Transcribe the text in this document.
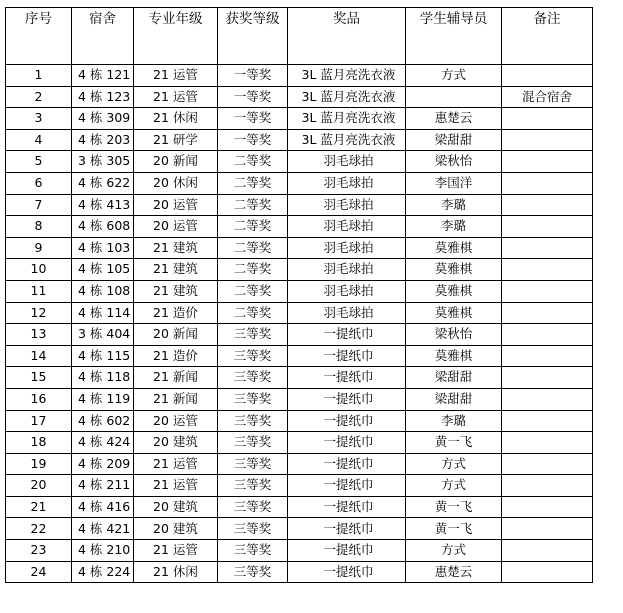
序号	宿舍	专业年级	获奖等级	奖品	学生辅导员	备注
1	4 栋 121	21 运管	一等奖	3L 蓝月亮洗衣液	方式	
2	4 栋 123	21 运管	一等奖	3L 蓝月亮洗衣液		混合宿舍
3	4 栋 309	21 休闲	一等奖	3L 蓝月亮洗衣液	惠楚云	
4	4 栋 203	21 研学	一等奖	3L 蓝月亮洗衣液	梁甜甜	
5	3 栋 305	20 新闻	二等奖	羽毛球拍	梁秋怡	
6	4 栋 622	20 休闲	二等奖	羽毛球拍	李国洋	
7	4 栋 413	20 运管	二等奖	羽毛球拍	李璐	
8	4 栋 608	20 运管	二等奖	羽毛球拍	李璐	
9	4 栋 103	21 建筑	二等奖	羽毛球拍	莫雅棋	
10	4 栋 105	21 建筑	二等奖	羽毛球拍	莫雅棋	
11	4 栋 108	21 建筑	二等奖	羽毛球拍	莫雅棋	
12	4 栋 114	21 造价	二等奖	羽毛球拍	莫雅棋	
13	3 栋 404	20 新闻	三等奖	一提纸巾	梁秋怡	
14	4 栋 115	21 造价	三等奖	一提纸巾	莫雅棋	
15	4 栋 118	21 新闻	三等奖	一提纸巾	梁甜甜	
16	4 栋 119	21 新闻	三等奖	一提纸巾	梁甜甜	
17	4 栋 602	20 运管	三等奖	一提纸巾	李璐	
18	4 栋 424	20 建筑	三等奖	一提纸巾	黄一飞	
19	4 栋 209	21 运管	三等奖	一提纸巾	方式	
20	4 栋 211	21 运管	三等奖	一提纸巾	方式	
21	4 栋 416	20 建筑	三等奖	一提纸巾	黄一飞	
22	4 栋 421	20 建筑	三等奖	一提纸巾	黄一飞	
23	4 栋 210	21 运管	三等奖	一提纸巾	方式	
24	4 栋 224	21 休闲	三等奖	一提纸巾	惠楚云	
